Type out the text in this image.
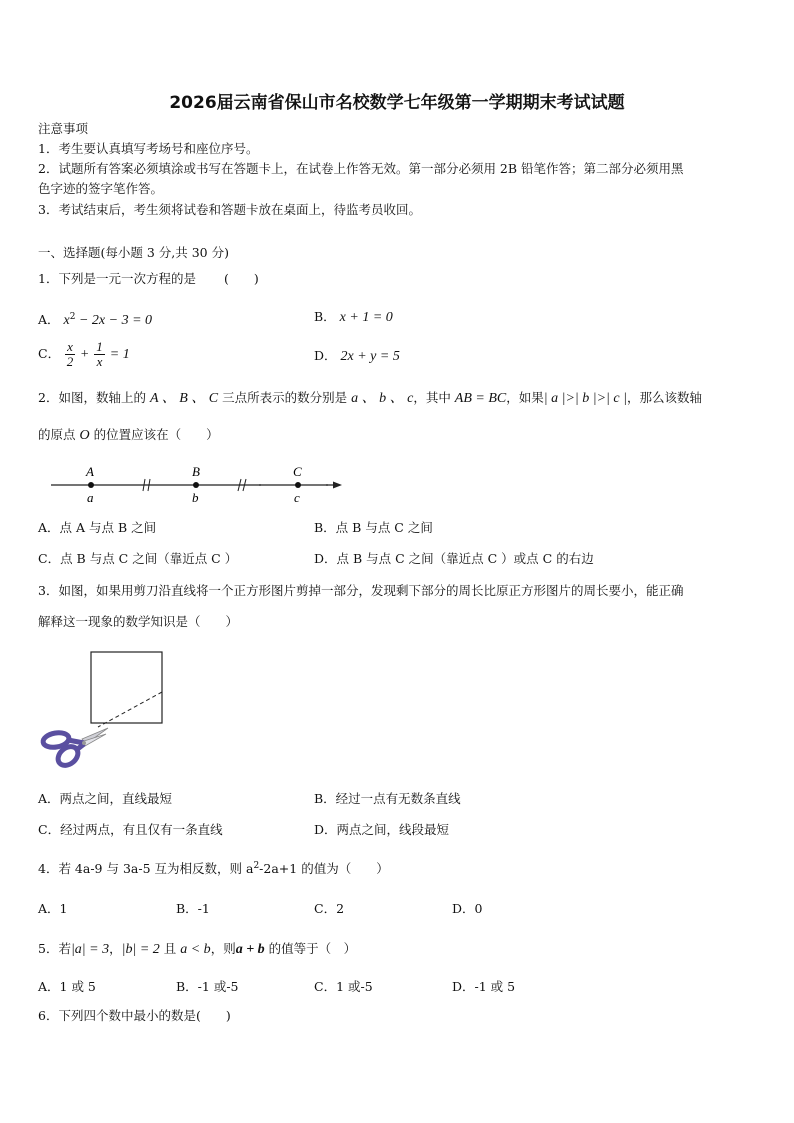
2026届云南省保山市名校数学七年级第一学期期末考试试题
注意事项
1．考生要认真填写考场号和座位序号。
2．试题所有答案必须填涂或书写在答题卡上，在试卷上作答无效。第一部分必须用 2B 铅笔作答；第二部分必须用黑
色字迹的签字笔作答。
3．考试结束后，考生须将试卷和答题卡放在桌面上，待监考员收回。
一、选择题(每小题 3 分,共 30 分)
1．下列是一元一次方程的是 (　　)
A． $x^2 - 2x - 3 = 0$	B． x + 1 = 0
C． $\frac{x}{2} + \frac{1}{x} = 1$	D． 2x + y = 5
2．如图，数轴上的 A 、 B 、 C 三点所表示的数分别是 a 、 b 、 c，其中 AB = BC，如果| a |>| b |>| c |，那么该数轴
的原点 O 的位置应该在（　　）
A	B	C
a	b	c
A．点 A 与点 B 之间	B．点 B 与点 C 之间
C．点 B 与点 C 之间（靠近点 C ）	D．点 B 与点 C 之间（靠近点 C ）或点 C 的右边
3．如图，如果用剪刀沿直线将一个正方形图片剪掉一部分，发现剩下部分的周长比原正方形图片的周长要小，能正确
解释这一现象的数学知识是（　　）
A．两点之间，直线最短	B．经过一点有无数条直线
C．经过两点，有且仅有一条直线	D．两点之间，线段最短
4．若 4a-9 与 3a-5 互为相反数，则 $a^2-2a+1$ 的值为（　　）
A．1	B．-1	C．2	D．0
5．若|a| = 3，|b| = 2 且 a < b，则a + b 的值等于（　）
A．1 或 5	B．-1 或-5	C．1 或-5	D．-1 或 5
6．下列四个数中最小的数是(　　)
